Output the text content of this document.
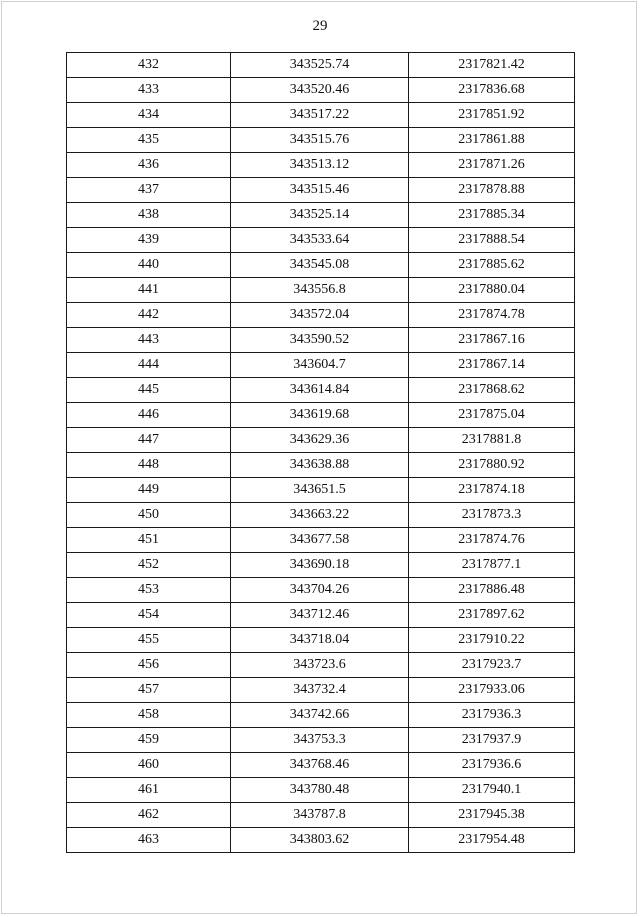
29
432	343525.74	2317821.42
433	343520.46	2317836.68
434	343517.22	2317851.92
435	343515.76	2317861.88
436	343513.12	2317871.26
437	343515.46	2317878.88
438	343525.14	2317885.34
439	343533.64	2317888.54
440	343545.08	2317885.62
441	343556.8	2317880.04
442	343572.04	2317874.78
443	343590.52	2317867.16
444	343604.7	2317867.14
445	343614.84	2317868.62
446	343619.68	2317875.04
447	343629.36	2317881.8
448	343638.88	2317880.92
449	343651.5	2317874.18
450	343663.22	2317873.3
451	343677.58	2317874.76
452	343690.18	2317877.1
453	343704.26	2317886.48
454	343712.46	2317897.62
455	343718.04	2317910.22
456	343723.6	2317923.7
457	343732.4	2317933.06
458	343742.66	2317936.3
459	343753.3	2317937.9
460	343768.46	2317936.6
461	343780.48	2317940.1
462	343787.8	2317945.38
463	343803.62	2317954.48
